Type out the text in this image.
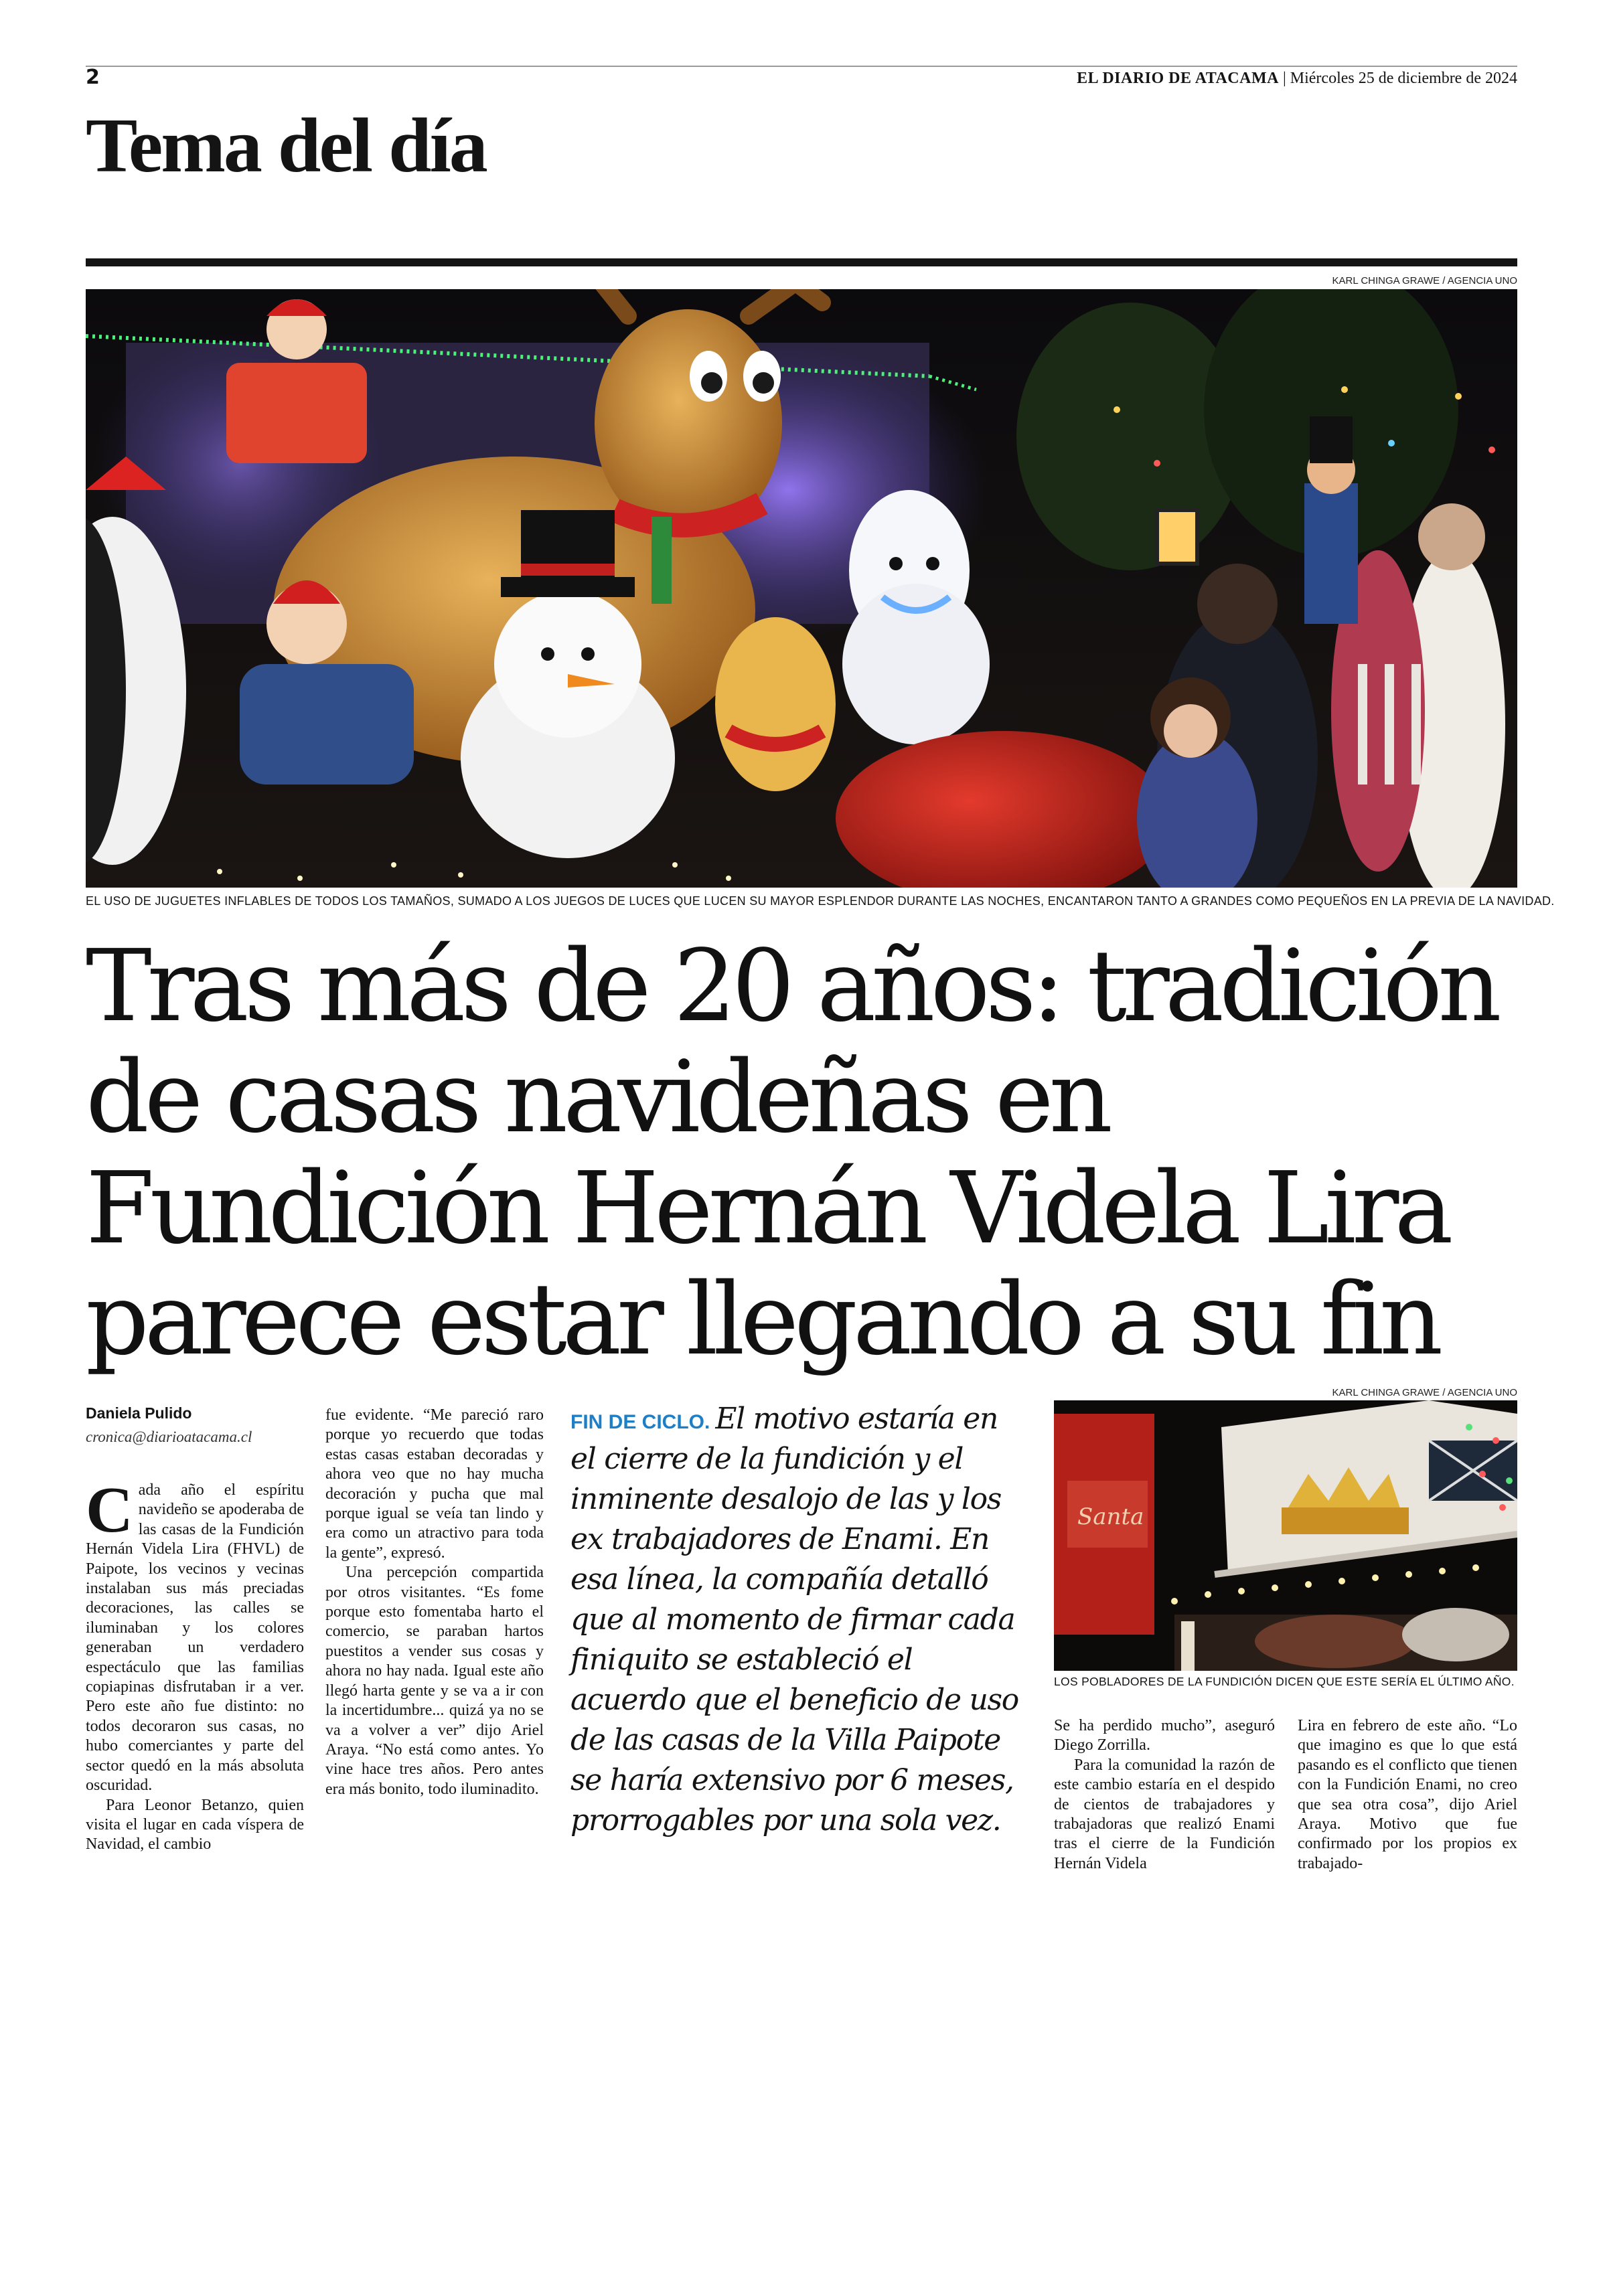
2	EL DIARIO DE ATACAMA | Miércoles 25 de diciembre de 2024
Tema del día
KARL CHINGA GRAWE / AGENCIA UNO
EL USO DE JUGUETES INFLABLES DE TODOS LOS TAMAÑOS, SUMADO A LOS JUEGOS DE LUCES QUE LUCEN SU MAYOR ESPLENDOR DURANTE LAS NOCHES, ENCANTARON TANTO A GRANDES COMO PEQUEÑOS EN LA PREVIA DE LA NAVIDAD.
Tras más de 20 años: tradición de casas navideñas en Fundición Hernán Videla Lira parece estar llegando a su fin
Daniela Pulido
cronica@diarioatacama.cl

Cada año el espíritu navideño se apoderaba de las casas de la Fundición Hernán Videla Lira (FHVL) de Paipote, los vecinos y vecinas instalaban sus más preciadas decoraciones, las calles se iluminaban y los colores generaban un verdadero espectáculo que las familias copiapinas disfrutaban ir a ver. Pero este año fue distinto: no todos decoraron sus casas, no hubo comerciantes y parte del sector quedó en la más absoluta oscuridad.

Para Leonor Betanzo, quien visita el lugar en cada víspera de Navidad, el cambio

fue evidente. “Me pareció raro porque yo recuerdo que todas estas casas estaban decoradas y ahora veo que no hay mucha decoración y pucha que mal porque igual se veía tan lindo y era como un atractivo para toda la gente”, expresó.

Una percepción compartida por otros visitantes. “Es fome porque esto fomentaba harto el comercio, se paraban hartos puestitos a vender sus cosas y ahora no hay nada. Igual este año llegó harta gente y se va a ir con la incertidumbre... quizá ya no se va a volver a ver” dijo Ariel Araya. “No está como antes. Yo vine hace tres años. Pero antes era más bonito, todo iluminadito.

FIN DE CICLO. El motivo estaría en el cierre de la fundición y el inminente desalojo de las y los ex trabajadores de Enami. En esa línea, la compañía detalló que al momento de firmar cada finiquito se estableció el acuerdo que el beneficio de uso de las casas de la Villa Paipote se haría extensivo por 6 meses, prorrogables por una sola vez.
KARL CHINGA GRAWE / AGENCIA UNO
Santa
LOS POBLADORES DE LA FUNDICIÓN DICEN QUE ESTE SERÍA EL ÚLTIMO AÑO.

Se ha perdido mucho”, aseguró Diego Zorrilla.

Para la comunidad la razón de este cambio estaría en el despido de cientos de trabajadores y trabajadoras que realizó Enami tras el cierre de la Fundición Hernán Videla

Lira en febrero de este año. “Lo que imagino es que lo que está pasando es el conflicto que tienen con la Fundición Enami, no creo que sea otra cosa”, dijo Ariel Araya. Motivo que fue confirmado por los propios ex trabajado-
